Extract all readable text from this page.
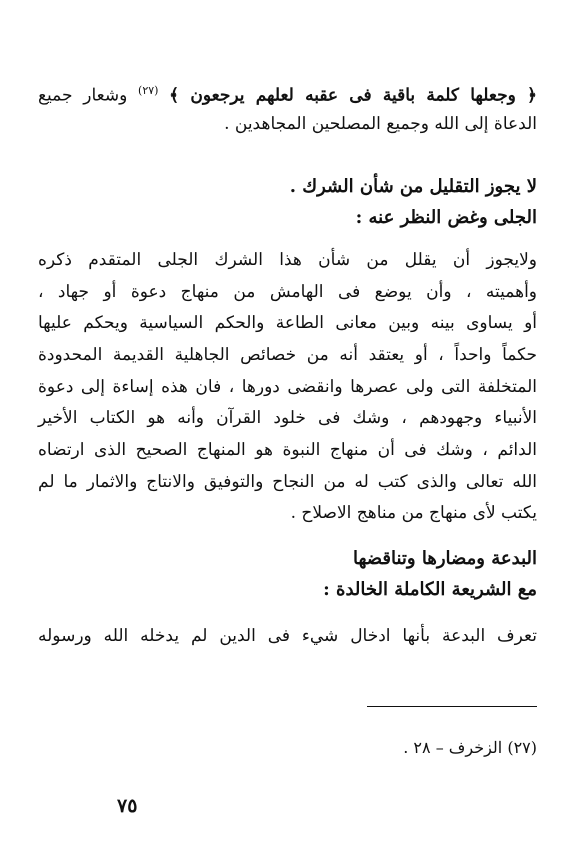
﴿ وجعلها كلمة باقية فى عقبه لعلهم يرجعون ﴾ $^{(٢٧)}$ وشعار جميع
الدعاة إلى الله وجميع المصلحين المجاهدين .
لا يجوز التقليل من شأن الشرك .
الجلى وغض النظر عنه :
ولايجوز أن يقلل من شأن هذا الشرك الجلى المتقدم ذكره
وأهميته ، وأن يوضع فى الهامش من منهاج دعوة أو جهاد ،
أو يساوى بينه وبين معانى الطاعة والحكم السياسية ويحكم عليها
حكماً واحداً ، أو يعتقد أنه من خصائص الجاهلية القديمة المحدودة
المتخلفة التى ولى عصرها وانقضى دورها ، فان هذه إساءة إلى دعوة
الأنبياء وجهودهم ، وشك فى خلود القرآن وأنه هو الكتاب الأخير
الدائم ، وشك فى أن منهاج النبوة هو المنهاج الصحيح الذى ارتضاه
الله تعالى والذى كتب له من النجاح والتوفيق والانتاج والاثمار ما لم
يكتب لأى منهاج من مناهج الاصلاح .
البدعة ومضارها وتناقضها
مع الشريعة الكاملة الخالدة :
تعرف البدعة بأنها ادخال شيء فى الدين لم يدخله الله ورسوله
(٢٧) الزخرف – ٢٨ .
٧٥
